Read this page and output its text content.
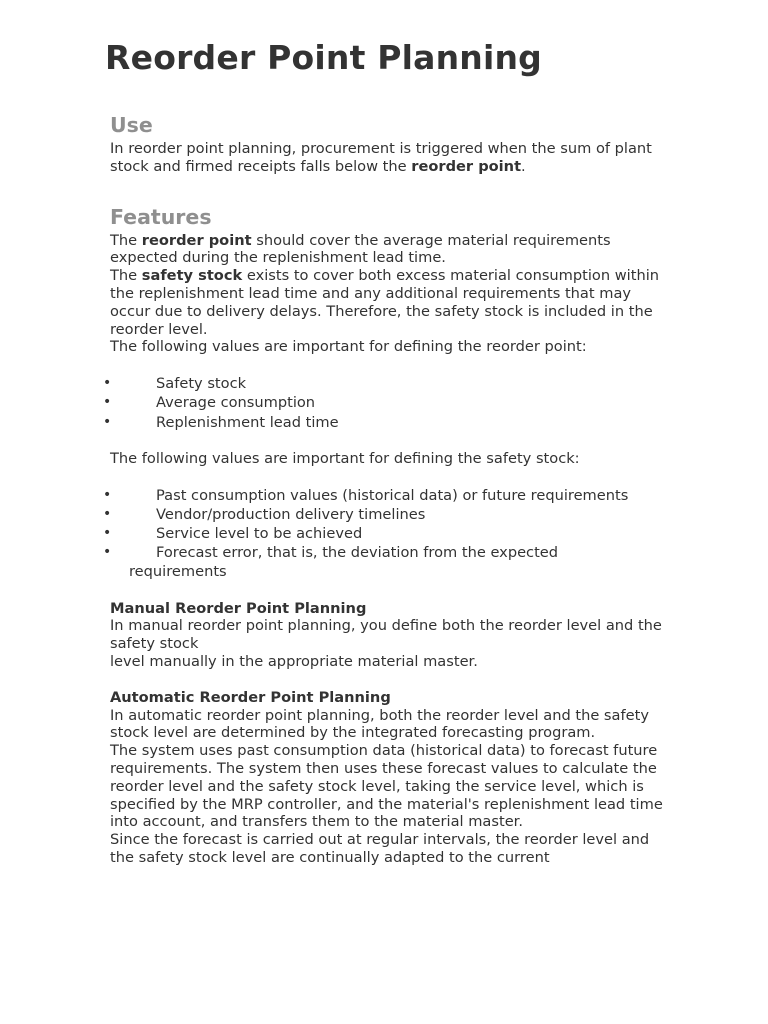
Reorder Point Planning
Use

In reorder point planning, procurement is triggered when the sum of plant stock and firmed receipts falls below the reorder point.

Features

The reorder point should cover the average material requirements expected during the replenishment lead time.

The safety stock exists to cover both excess material consumption within the replenishment lead time and any additional requirements that may occur due to delivery delays. Therefore, the safety stock is included in the reorder level.

The following values are important for defining the reorder point:

•	Safety stock
•	Average consumption
•	Replenishment lead time

The following values are important for defining the safety stock:

•	Past consumption values (historical data) or future requirements
•	Vendor/production delivery timelines
•	Service level to be achieved
•	Forecast error, that is, the deviation from the expected
requirements

Manual Reorder Point Planning

In manual reorder point planning, you define both the reorder level and the safety stock

level manually in the appropriate material master.

Automatic Reorder Point Planning

In automatic reorder point planning, both the reorder level and the safety stock level are determined by the integrated forecasting program.

The system uses past consumption data (historical data) to forecast future requirements. The system then uses these forecast values to calculate the reorder level and the safety stock level, taking the service level, which is specified by the MRP controller, and the material's replenishment lead time into account, and transfers them to the material master.

Since the forecast is carried out at regular intervals, the reorder level and the safety stock level are continually adapted to the current
